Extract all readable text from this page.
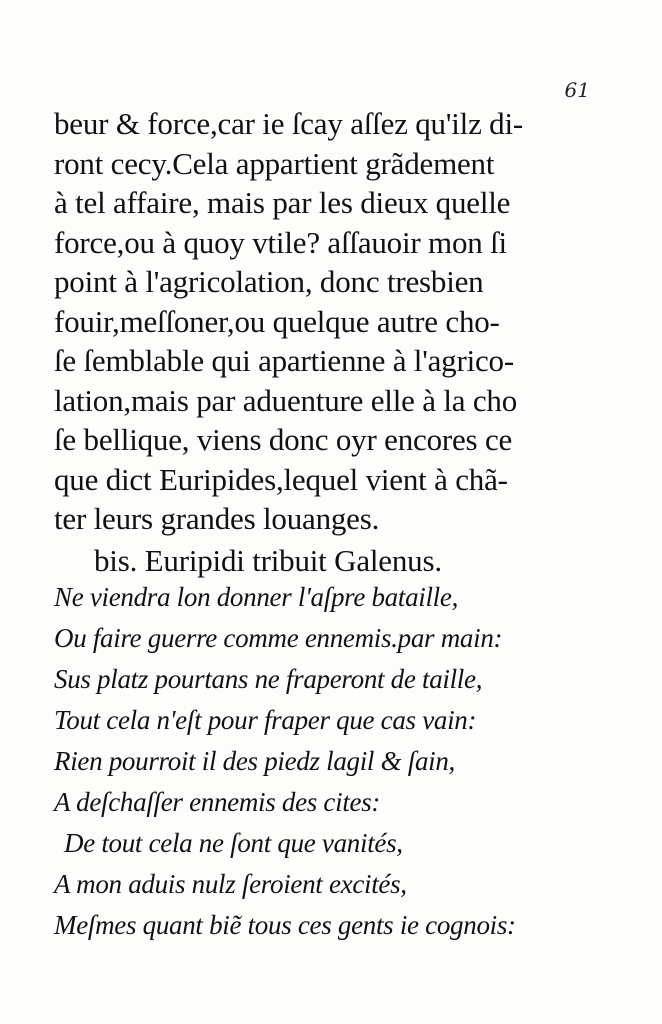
61
beur & force,car ie ſcay aſſez qu'ilz di-
ront cecy.Cela appartient grãdement
à tel affaire, mais par les dieux quelle
force,ou à quoy vtile? aſſauoir mon ſi
point à l'agricolation, donc tresbien
fouir,meſſoner,ou quelque autre cho-
ſe ſemblable qui apartienne à l'agrico-
lation,mais par aduenture elle à la cho
ſe bellique, viens donc oyr encores ce
que dict Euripides,lequel vient à chã-
ter leurs grandes louanges.
bis. Euripidi tribuit Galenus.
Ne viendra lon donner l'aſpre bataille,
Ou faire guerre comme ennemis.par main:
Sus platz pourtans ne fraperont de taille,
Tout cela n'eſt pour fraper que cas vain:
Rien pourroit il des piedz lagil & ſain,
A deſchaſſer ennemis des cites:
De tout cela ne ſont que vanités,
A mon aduis nulz ſeroient excités,
Meſmes quant biẽ tous ces gents ie cognois:
